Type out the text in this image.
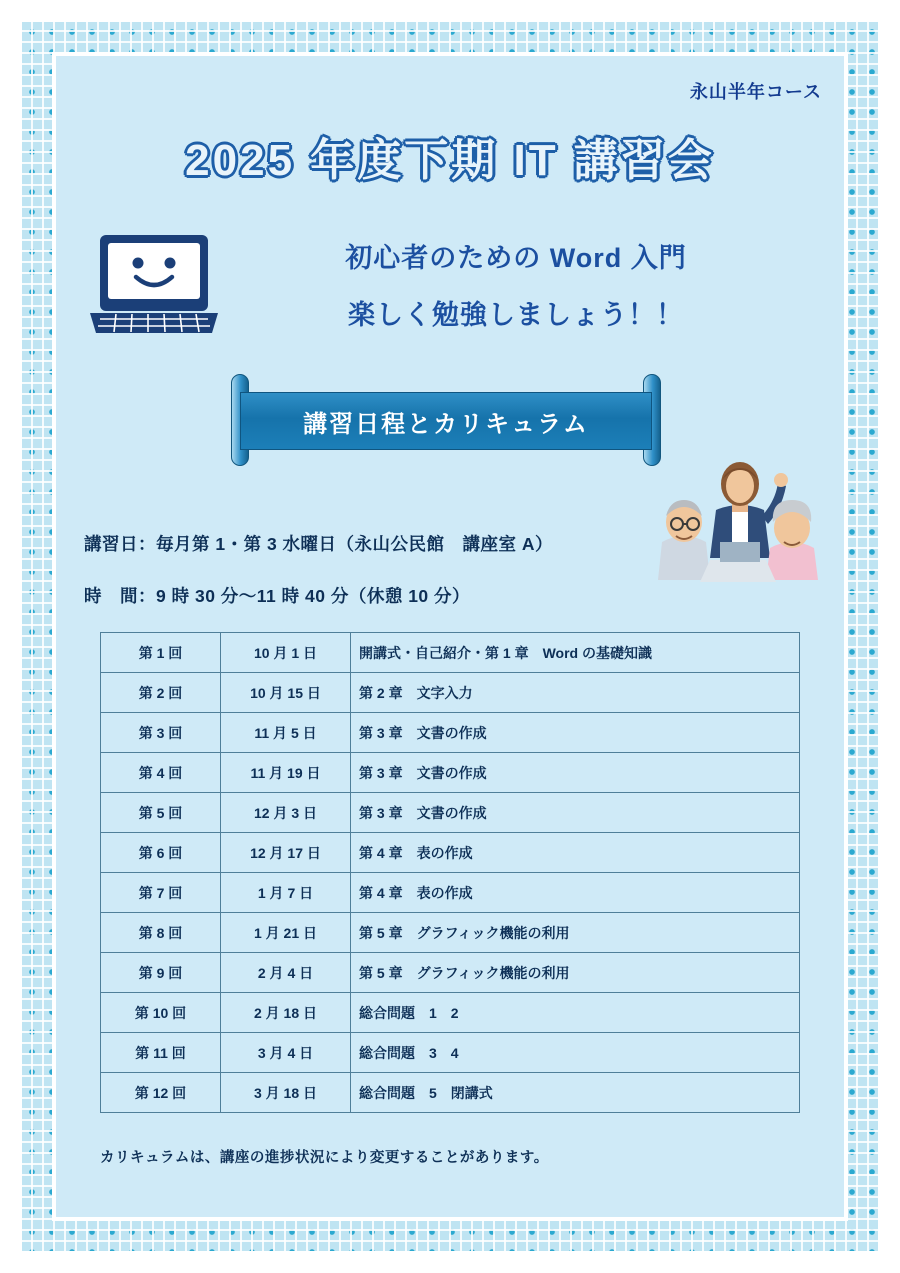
永山半年コース
2025 年度下期 IT 講習会
初心者のための Word 入門
楽しく勉強しましょう！！
講習日程とカリキュラム
講習日：毎月第 1・第 3 水曜日（永山公民館　講座室 A）
時　間：9 時 30 分〜11 時 40 分（休憩 10 分）
第 1 回	10 月 1 日	開講式・自己紹介・第 1 章　Word の基礎知識
第 2 回	10 月 15 日	第 2 章　文字入力
第 3 回	11 月 5 日	第 3 章　文書の作成
第 4 回	11 月 19 日	第 3 章　文書の作成
第 5 回	12 月 3 日	第 3 章　文書の作成
第 6 回	12 月 17 日	第 4 章　表の作成
第 7 回	1 月 7 日	第 4 章　表の作成
第 8 回	1 月 21 日	第 5 章　グラフィック機能の利用
第 9 回	2 月 4 日	第 5 章　グラフィック機能の利用
第 10 回	2 月 18 日	総合問題　1　2
第 11 回	3 月 4 日	総合問題　3　4
第 12 回	3 月 18 日	総合問題　5　閉講式
カリキュラムは、講座の進捗状況により変更することがあります。
